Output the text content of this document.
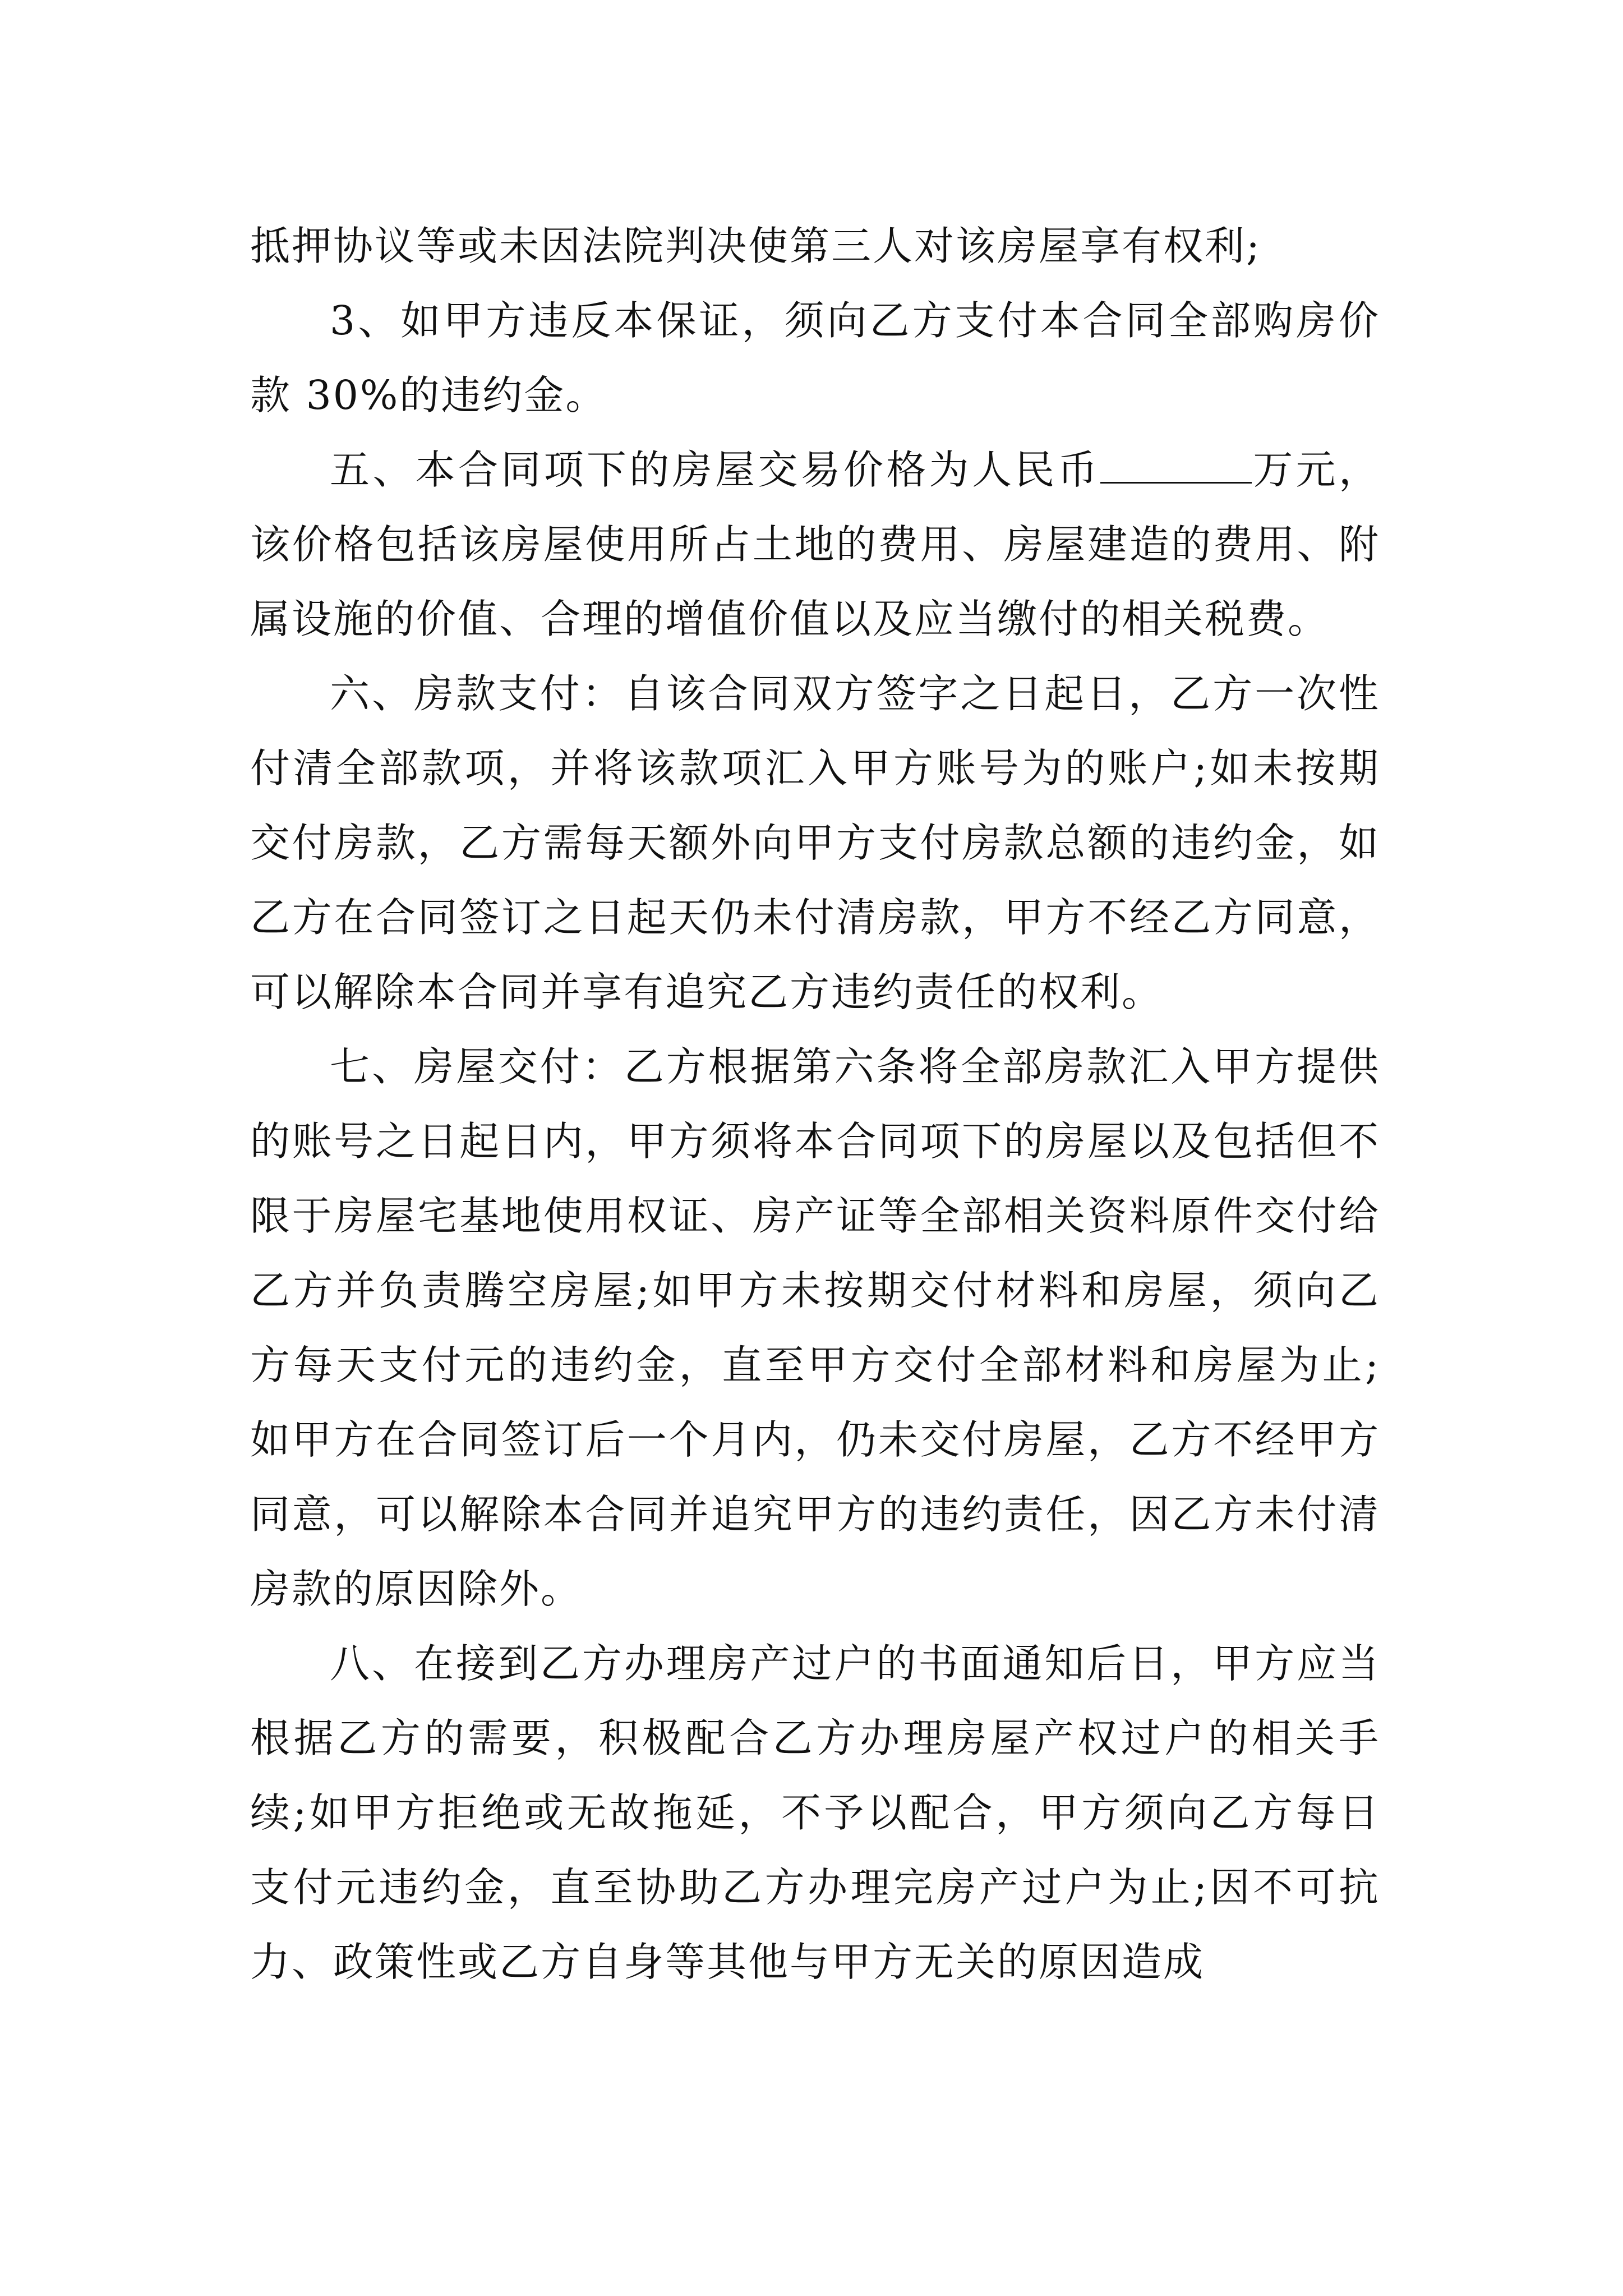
抵押协议等或未因法院判决使第三人对该房屋享有权利;

3、如甲方违反本保证，须向乙方支付本合同全部购房价款 30%的违约金。

五、本合同项下的房屋交易价格为人民币	万元，该价格包括该房屋使用所占土地的费用、房屋建造的费用、附属设施的价值、合理的增值价值以及应当缴付的相关税费。

六、房款支付：自该合同双方签字之日起日，乙方一次性付清全部款项，并将该款项汇入甲方账号为的账户;如未按期交付房款，乙方需每天额外向甲方支付房款总额的违约金，如乙方在合同签订之日起天仍未付清房款，甲方不经乙方同意，可以解除本合同并享有追究乙方违约责任的权利。

七、房屋交付：乙方根据第六条将全部房款汇入甲方提供的账号之日起日内，甲方须将本合同项下的房屋以及包括但不限于房屋宅基地使用权证、房产证等全部相关资料原件交付给乙方并负责腾空房屋;如甲方未按期交付材料和房屋，须向乙方每天支付元的违约金，直至甲方交付全部材料和房屋为止;如甲方在合同签订后一个月内，仍未交付房屋，乙方不经甲方同意，可以解除本合同并追究甲方的违约责任，因乙方未付清房款的原因除外。

八、在接到乙方办理房产过户的书面通知后日，甲方应当根据乙方的需要，积极配合乙方办理房屋产权过户的相关手续;如甲方拒绝或无故拖延，不予以配合，甲方须向乙方每日支付元违约金，直至协助乙方办理完房产过户为止;因不可抗力、政策性或乙方自身等其他与甲方无关的原因造成
